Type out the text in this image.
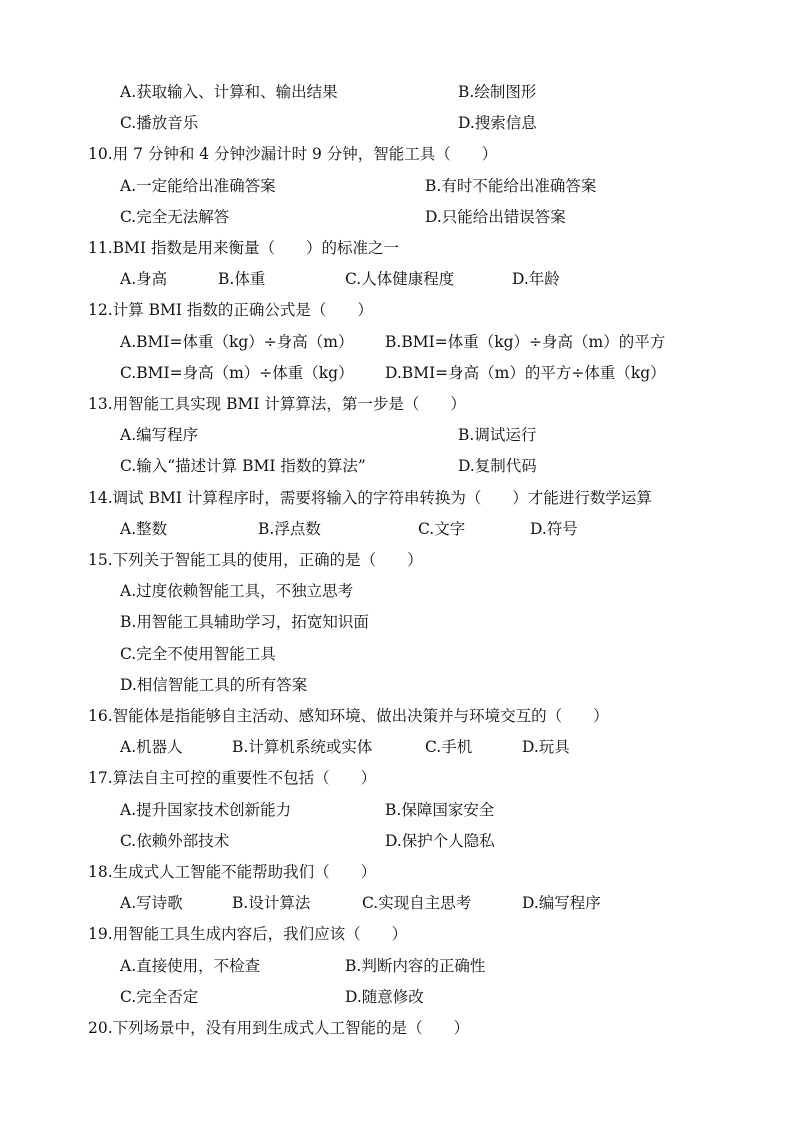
A.获取输入、计算和、输出结果	B.绘制图形
C.播放音乐	D.搜索信息
10.用 7 分钟和 4 分钟沙漏计时 9 分钟，智能工具（　　）
A.一定能给出准确答案	B.有时不能给出准确答案
C.完全无法解答	D.只能给出错误答案
11.BMI 指数是用来衡量（　　）的标准之一
A.身高	B.体重	C.人体健康程度	D.年龄
12.计算 BMI 指数的正确公式是（　　）
A.BMI=体重（kg）÷身高（m） B.BMI=体重（kg）÷身高（m）的平方
C.BMI=身高（m）÷体重（kg） D.BMI=身高（m）的平方÷体重（kg）
13.用智能工具实现 BMI 计算算法，第一步是（　　）
A.编写程序	B.调试运行
C.输入“描述计算 BMI 指数的算法”	D.复制代码
14.调试 BMI 计算程序时，需要将输入的字符串转换为（　　）才能进行数学运算
A.整数	B.浮点数	C.文字	D.符号
15.下列关于智能工具的使用，正确的是（　　）
A.过度依赖智能工具，不独立思考
B.用智能工具辅助学习，拓宽知识面
C.完全不使用智能工具
D.相信智能工具的所有答案
16.智能体是指能够自主活动、感知环境、做出决策并与环境交互的（　　）
A.机器人	B.计算机系统或实体	C.手机	D.玩具
17.算法自主可控的重要性不包括（　　）
A.提升国家技术创新能力	B.保障国家安全
C.依赖外部技术	D.保护个人隐私
18.生成式人工智能不能帮助我们（　　）
A.写诗歌	B.设计算法	C.实现自主思考	D.编写程序
19.用智能工具生成内容后，我们应该（　　）
A.直接使用，不检查	B.判断内容的正确性
C.完全否定	D.随意修改
20.下列场景中，没有用到生成式人工智能的是（　　）
